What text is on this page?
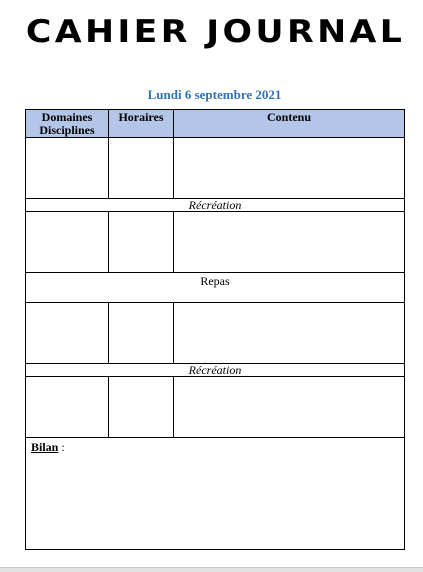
CAHIER JOURNAL
Lundi 6 septembre 2021
Domaines Disciplines	Horaires	Contenu

Récréation		

Repas		

Récréation		

Bilan :		
